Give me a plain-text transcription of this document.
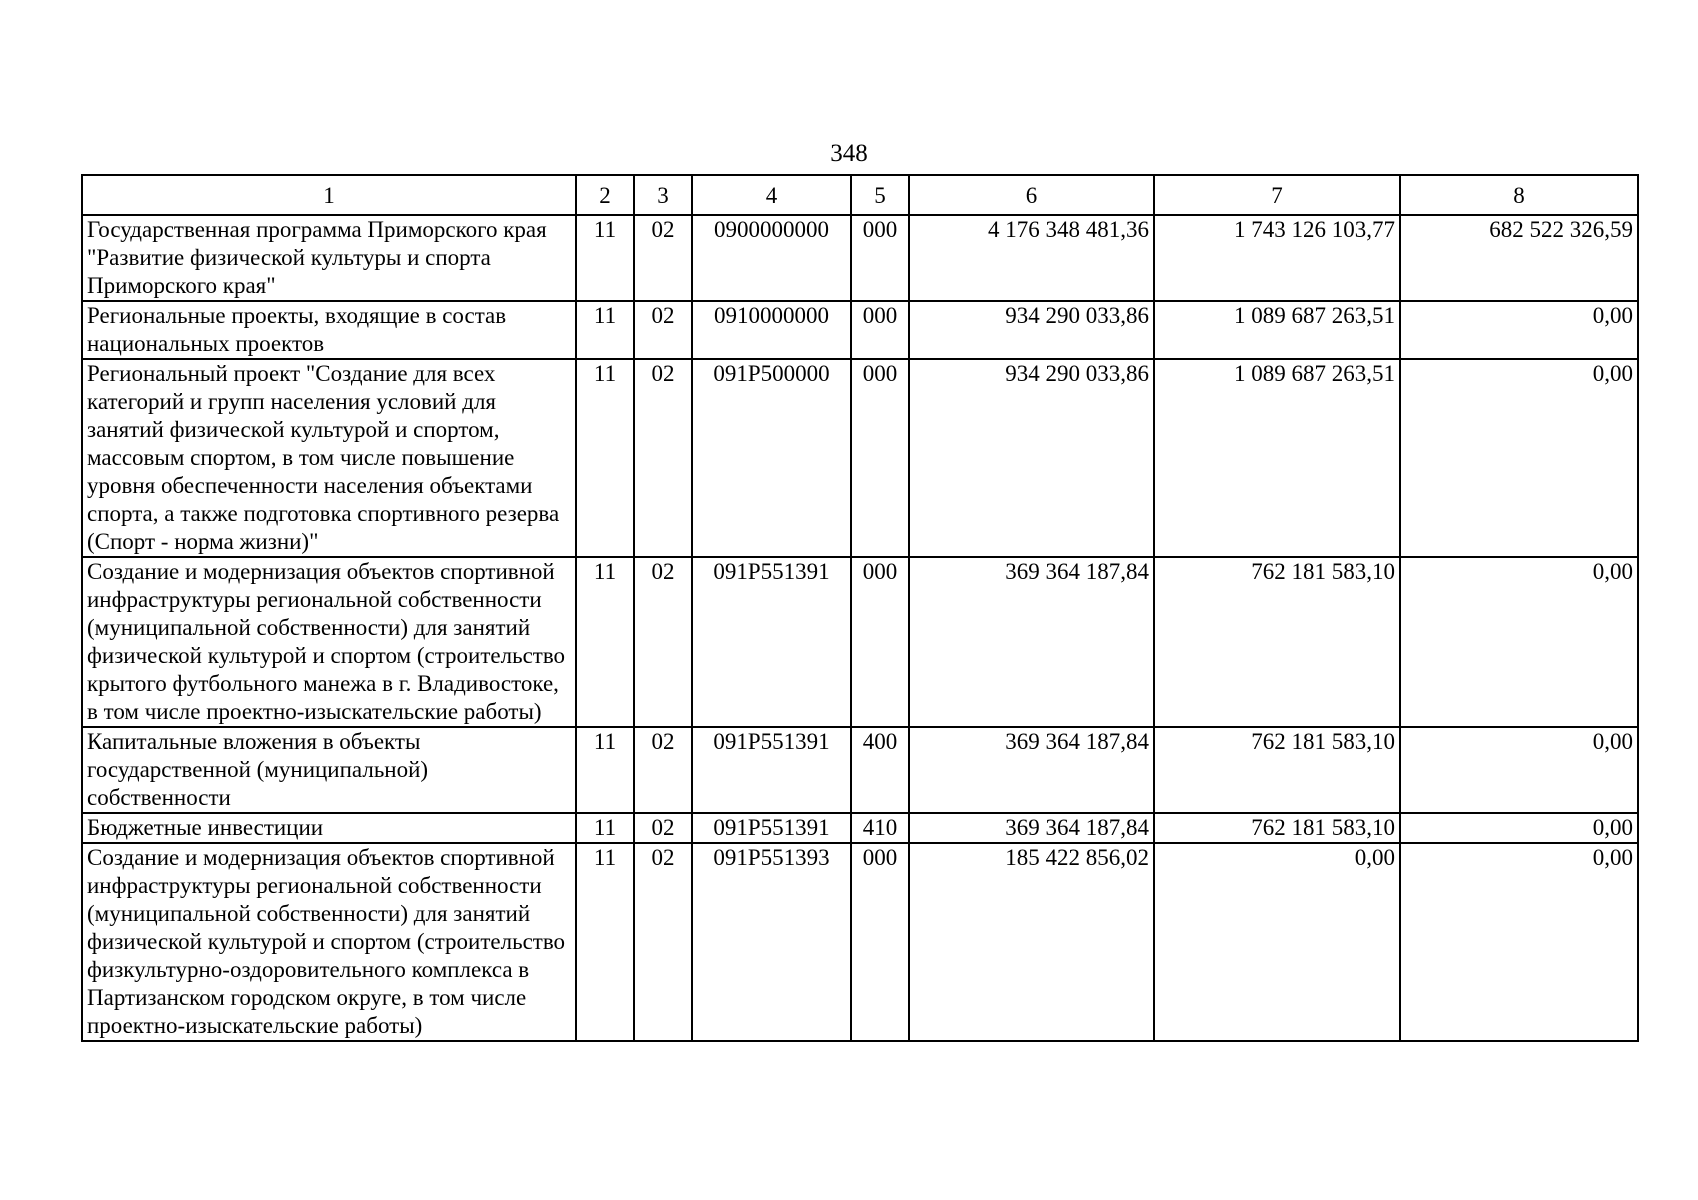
348
1	2	3	4	5	6	7	8
Государственная программа Приморского края "Развитие физической культуры и спорта Приморского края"	11	02	0900000000	000	4 176 348 481,36	1 743 126 103,77	682 522 326,59
Региональные проекты, входящие в состав национальных проектов	11	02	0910000000	000	934 290 033,86	1 089 687 263,51	0,00
Региональный проект "Создание для всех категорий и групп населения условий для занятий физической культурой и спортом, массовым спортом, в том числе повышение уровня обеспеченности населения объектами спорта, а также подготовка спортивного резерва (Спорт - норма жизни)"	11	02	091P500000	000	934 290 033,86	1 089 687 263,51	0,00
Создание и модернизация объектов спортивной инфраструктуры региональной собственности (муниципальной собственности) для занятий физической культурой и спортом (строительство крытого футбольного манежа в г. Владивостоке, в том числе проектно-изыскательские работы)	11	02	091P551391	000	369 364 187,84	762 181 583,10	0,00
Капитальные вложения в объекты государственной (муниципальной) собственности	11	02	091P551391	400	369 364 187,84	762 181 583,10	0,00
Бюджетные инвестиции	11	02	091P551391	410	369 364 187,84	762 181 583,10	0,00
Создание и модернизация объектов спортивной инфраструктуры региональной собственности (муниципальной собственности) для занятий физической культурой и спортом (строительство физкультурно-оздоровительного комплекса в Партизанском городском округе, в том числе проектно-изыскательские работы)	11	02	091P551393	000	185 422 856,02	0,00	0,00
